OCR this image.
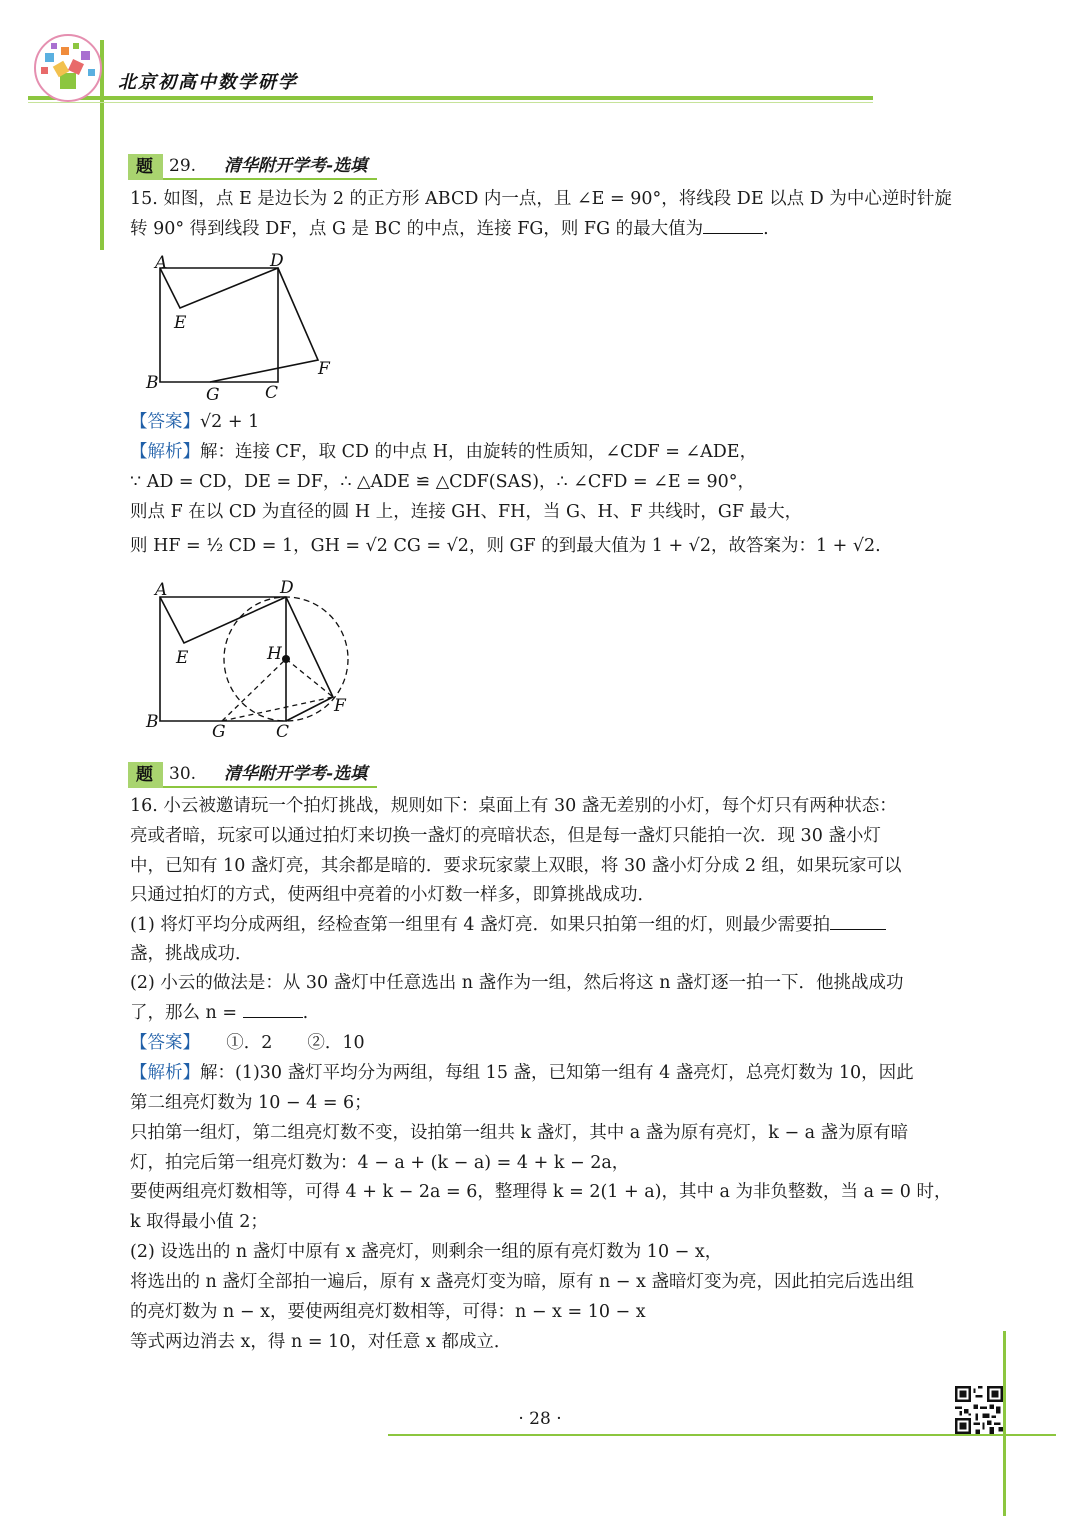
北京初高中数学研学
题 29.	清华附开学考-选填
15. 如图，点 E 是边长为 2 的正方形 ABCD 内一点，且 ∠E = 90°，将线段 DE 以点 D 为中心逆时针旋
转 90° 得到线段 DF，点 G 是 BC 的中点，连接 FG，则 FG 的最大值为	.
A	D
E
F
B
G	C
【答案】√2 + 1
【解析】解：连接 CF，取 CD 的中点 H，由旋转的性质知，∠CDF = ∠ADE，
∵ AD = CD，DE = DF，∴ △ADE ≌ △CDF(SAS)，∴ ∠CFD = ∠E = 90°，
则点 F 在以 CD 为直径的圆 H 上，连接 GH、FH，当 G、H、F 共线时，GF 最大，
则 HF = ½ CD = 1，GH = √2 CG = √2，则 GF 的到最大值为 1 + √2，故答案为：1 + √2.
A	D
E	H
F
B	G	C
题 30.	清华附开学考-选填
16. 小云被邀请玩一个拍灯挑战，规则如下：桌面上有 30 盏无差别的小灯，每个灯只有两种状态：
亮或者暗，玩家可以通过拍灯来切换一盏灯的亮暗状态，但是每一盏灯只能拍一次．现 30 盏小灯
中，已知有 10 盏灯亮，其余都是暗的．要求玩家蒙上双眼，将 30 盏小灯分成 2 组，如果玩家可以
只通过拍灯的方式，使两组中亮着的小灯数一样多，即算挑战成功．
(1) 将灯平均分成两组，经检查第一组里有 4 盏灯亮．如果只拍第一组的灯，则最少需要拍
盏，挑战成功．
(2) 小云的做法是：从 30 盏灯中任意选出 n 盏作为一组，然后将这 n 盏灯逐一拍一下．他挑战成功
了，那么 n =	.
【答案】　　 ①．2　　②．10
【解析】解：(1)30 盏灯平均分为两组，每组 15 盏，已知第一组有 4 盏亮灯，总亮灯数为 10，因此
第二组亮灯数为 10 − 4 = 6；
只拍第一组灯，第二组亮灯数不变，设拍第一组共 k 盏灯，其中 a 盏为原有亮灯，k − a 盏为原有暗
灯，拍完后第一组亮灯数为：4 − a + (k − a) = 4 + k − 2a，
要使两组亮灯数相等，可得 4 + k − 2a = 6，整理得 k = 2(1 + a)，其中 a 为非负整数，当 a = 0 时，
k 取得最小值 2；
(2) 设选出的 n 盏灯中原有 x 盏亮灯，则剩余一组的原有亮灯数为 10 − x，
将选出的 n 盏灯全部拍一遍后，原有 x 盏亮灯变为暗，原有 n − x 盏暗灯变为亮，因此拍完后选出组
的亮灯数为 n − x，要使两组亮灯数相等，可得：n − x = 10 − x
等式两边消去 x，得 n = 10，对任意 x 都成立．
· 28 ·
